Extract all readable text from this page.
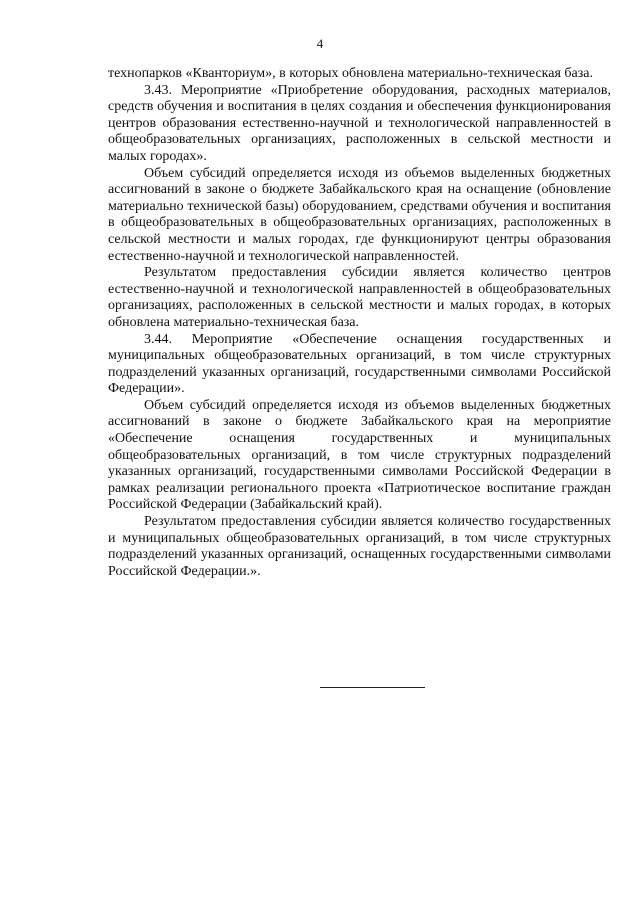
4

технопарков «Кванториум», в которых обновлена материально-техническая база.

3.43. Мероприятие «Приобретение оборудования, расходных материалов, средств обучения и воспитания в целях создания и обеспечения функционирования центров образования естественно-научной и технологической направленностей в общеобразовательных организациях, расположенных в сельской местности и малых городах».

Объем субсидий определяется исходя из объемов выделенных бюджетных ассигнований в законе о бюджете Забайкальского края на оснащение (обновление материально технической базы) оборудованием, средствами обучения и воспитания в общеобразовательных в общеобразовательных организациях, расположенных в сельской местности и малых городах, где функционируют центры образования естественно-научной и технологической направленностей.

Результатом предоставления субсидии является количество центров естественно-научной и технологической направленностей в общеобразовательных организациях, расположенных в сельской местности и малых городах, в которых обновлена материально-техническая база.

3.44. Мероприятие «Обеспечение оснащения государственных и муниципальных общеобразовательных организаций, в том числе структурных подразделений указанных организаций, государственными символами Российской Федерации».

Объем субсидий определяется исходя из объемов выделенных бюджетных ассигнований в законе о бюджете Забайкальского края на мероприятие «Обеспечение оснащения государственных и муниципальных общеобразовательных организаций, в том числе структурных подразделений указанных организаций, государственными символами Российской Федерации в рамках реализации регионального проекта «Патриотическое воспитание граждан Российской Федерации (Забайкальский край).

Результатом предоставления субсидии является количество государственных и муниципальных общеобразовательных организаций, в том числе структурных подразделений указанных организаций, оснащенных государственными символами Российской Федерации.».
